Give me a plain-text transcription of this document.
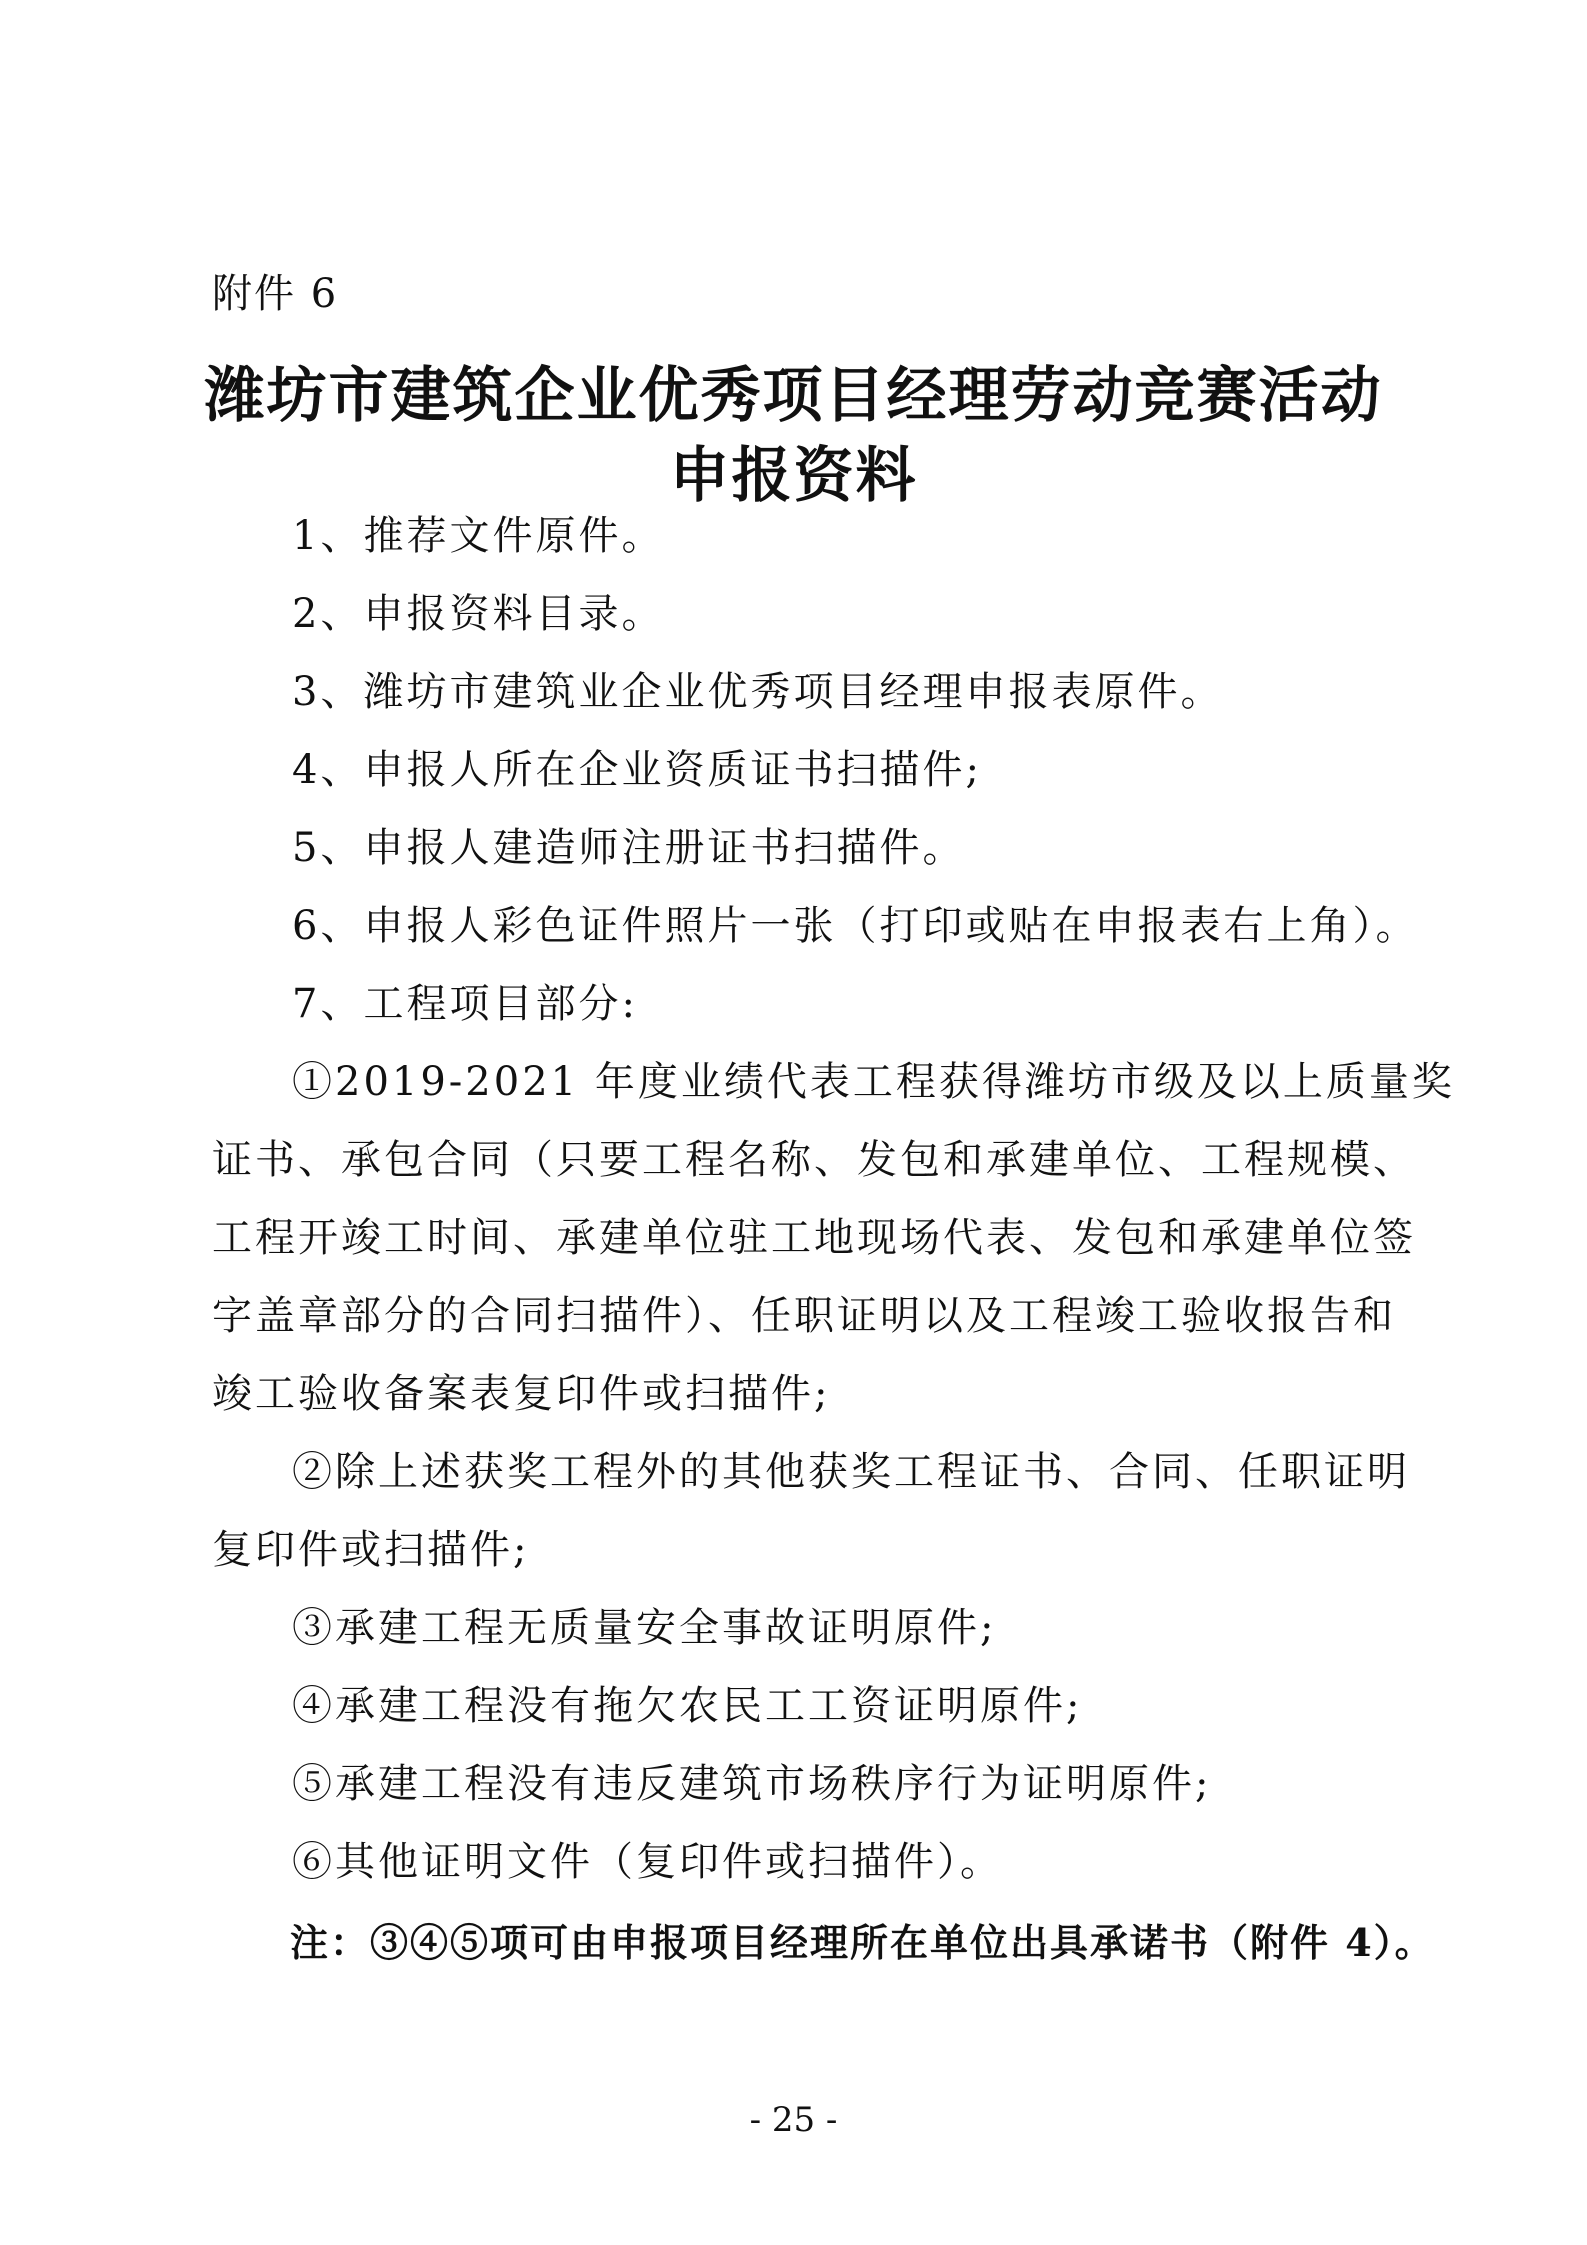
附件 6
潍坊市建筑企业优秀项目经理劳动竞赛活动
申报资料
1、推荐文件原件。
2、申报资料目录。
3、潍坊市建筑业企业优秀项目经理申报表原件。
4、申报人所在企业资质证书扫描件;
5、申报人建造师注册证书扫描件。
6、申报人彩色证件照片一张（打印或贴在申报表右上角）。
7、工程项目部分:
①2019-2021 年度业绩代表工程获得潍坊市级及以上质量奖
证书、承包合同（只要工程名称、发包和承建单位、工程规模、
工程开竣工时间、承建单位驻工地现场代表、发包和承建单位签
字盖章部分的合同扫描件）、任职证明以及工程竣工验收报告和
竣工验收备案表复印件或扫描件;
②除上述获奖工程外的其他获奖工程证书、合同、任职证明
复印件或扫描件;
③承建工程无质量安全事故证明原件;
④承建工程没有拖欠农民工工资证明原件;
⑤承建工程没有违反建筑市场秩序行为证明原件;
⑥其他证明文件（复印件或扫描件）。
注：③④⑤项可由申报项目经理所在单位出具承诺书（附件 4）。
- 25 -
